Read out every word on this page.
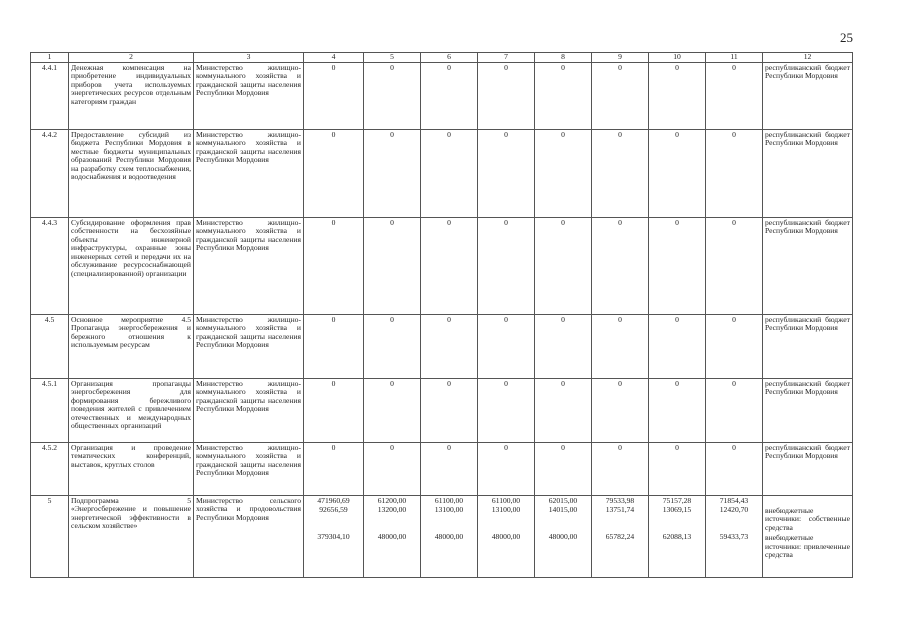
25
1	2	3	4	5	6	7	8	9	10	11	12
4.4.1	Денежная компенсация на приобретение индивидуальных приборов учета используемых энергетических ресурсов отдельным категориям граждан	Министерство жилищно-коммунального хозяйства и гражданской защиты населения Республики Мордовия	0	0	0	0	0	0	0	0	республиканский бюджет Республики Мордовия
4.4.2	Предоставление субсидий из бюджета Республики Мордовия в местные бюджеты муниципальных образований Республики Мордовия на разработку схем теплоснабжения, водоснабжения и водоотведения	Министерство жилищно-коммунального хозяйства и гражданской защиты населения Республики Мордовия	0	0	0	0	0	0	0	0	республиканский бюджет Республики Мордовия
4.4.3	Субсидирование оформления прав собственности на бесхозяйные объекты инженерной инфраструктуры, охранные зоны инженерных сетей и передачи их на обслуживание ресурсоснабжающей (специализированной) организации	Министерство жилищно-коммунального хозяйства и гражданской защиты населения Республики Мордовия	0	0	0	0	0	0	0	0	республиканский бюджет Республики Мордовия
4.5	Основное мероприятие 4.5 Пропаганда энергосбережения и бережного отношения к используемым ресурсам	Министерство жилищно-коммунального хозяйства и гражданской защиты населения Республики Мордовия	0	0	0	0	0	0	0	0	республиканский бюджет Республики Мордовия
4.5.1	Организация пропаганды энергосбережения для формирования бережливого поведения жителей с привлечением отечественных и международных общественных организаций	Министерство жилищно-коммунального хозяйства и гражданской защиты населения Республики Мордовия	0	0	0	0	0	0	0	0	республиканский бюджет Республики Мордовия
4.5.2	Организация и проведение тематических конференций, выставок, круглых столов	Министерство жилищно-коммунального хозяйства и гражданской защиты населения Республики Мордовия	0	0	0	0	0	0	0	0	республиканский бюджет Республики Мордовия
5	Подпрограмма 5 «Энергосбережение и повышение энергетической эффективности в сельском хозяйстве»	Министерство сельского хозяйства и продовольствия Республики Мордовия	471960,69
92656,59
379304,10	61200,00
13200,00
48000,00	61100,00
13100,00
48000,00	61100,00
13100,00
48000,00	62015,00
14015,00
48000,00	79533,98
13751,74
65782,24	75157,28
13069,15
62088,13	71854,43
12420,70
59433,73	внебюджетные источники: собственные средства
внебюджетные источники: привлеченные средства
